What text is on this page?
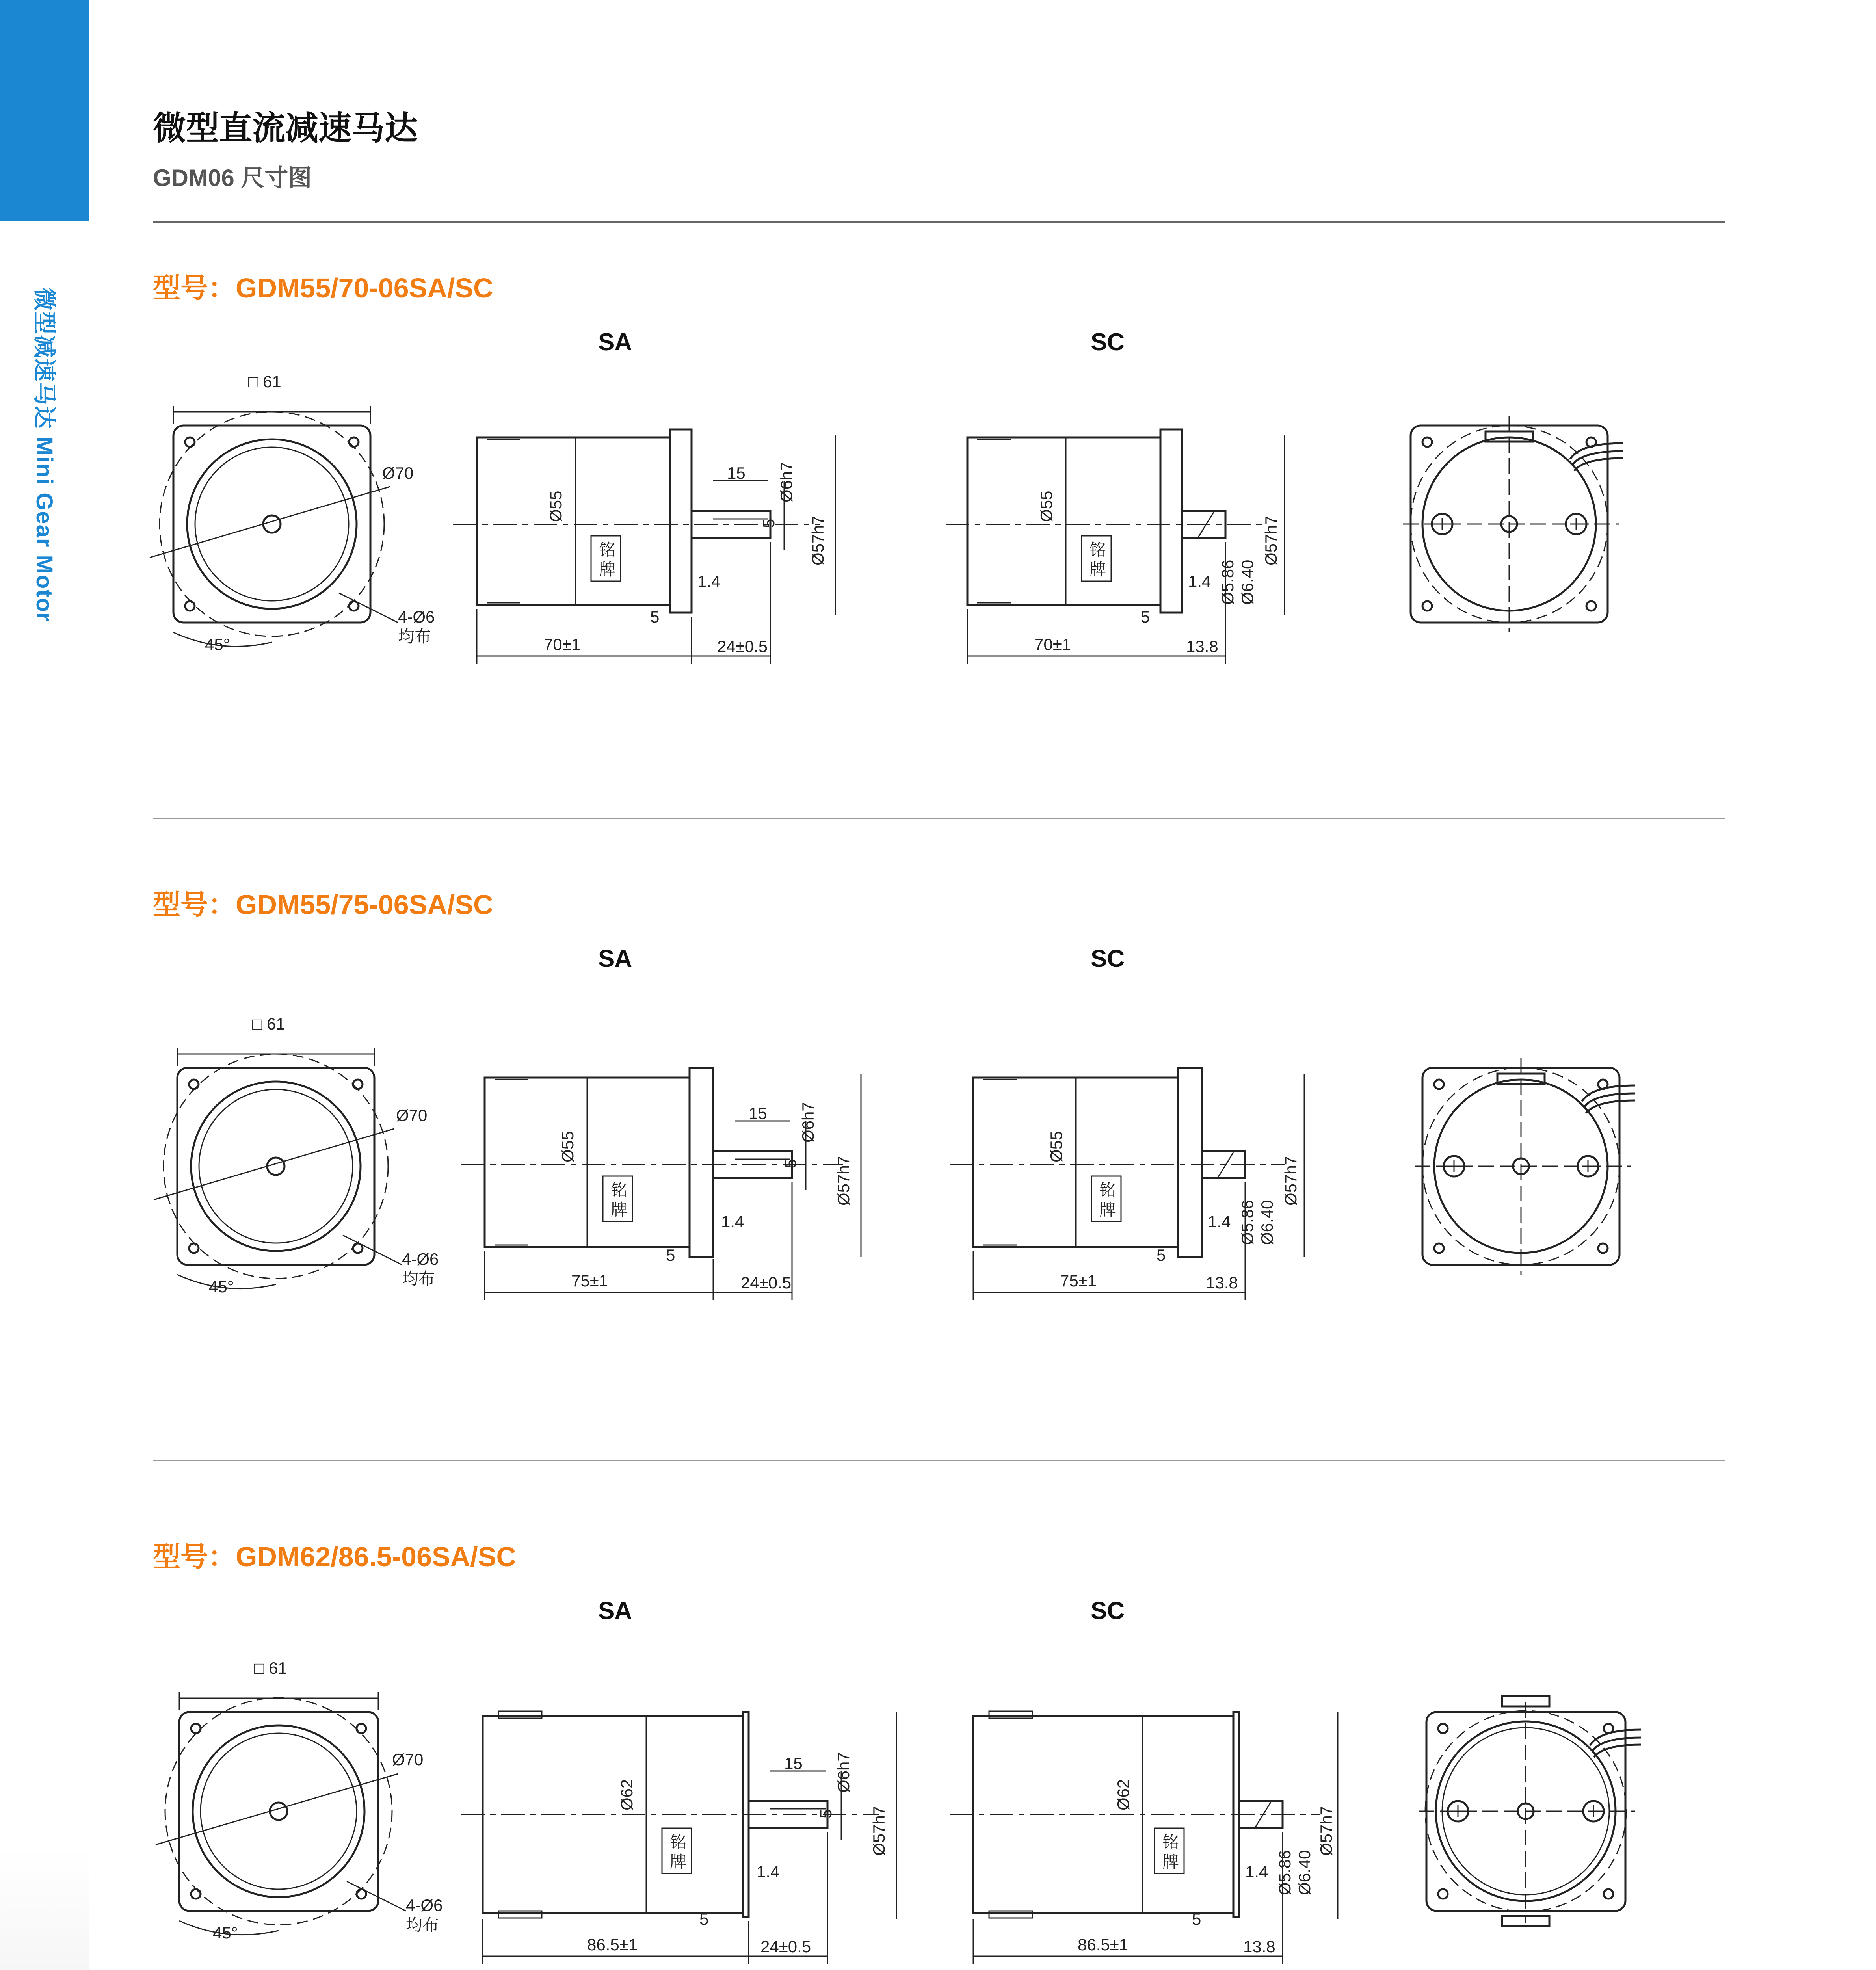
微型减速马达 Mini Gear Motor
微型直流减速马达
GDM06 尺寸图
型号：GDM55/70-06SA/SC
SA	SC
铭
牌
铭
牌
□ 61
Ø70
4-Ø6
均布
45°
Ø55
70±1	24±0.5
15 Ø6h7
5 Ø57h7
1.4
5
Ø55
70±1	13.8
1.4
5
Ø5.86 Ø6.40
Ø57h7
型号：GDM55/75-06SA/SC
SA	SC
铭
牌
铭
牌
□ 61
Ø70
4-Ø6
均布
45°
Ø55
75±1	24±0.5
15 Ø6h7
5 Ø57h7
1.4
5
Ø55
75±1	13.8
1.4
5
Ø5.86 Ø6.40
Ø57h7
型号：GDM62/86.5-06SA/SC
SA	SC
铭
牌
铭
牌
□ 61
Ø70
4-Ø6
均布
45°
Ø62
86.5±1	24±0.5
15 Ø6h7
5 Ø57h7
1.4
5
Ø62
86.5±1	13.8
1.4
5
Ø5.86 Ø6.40
Ø57h7
